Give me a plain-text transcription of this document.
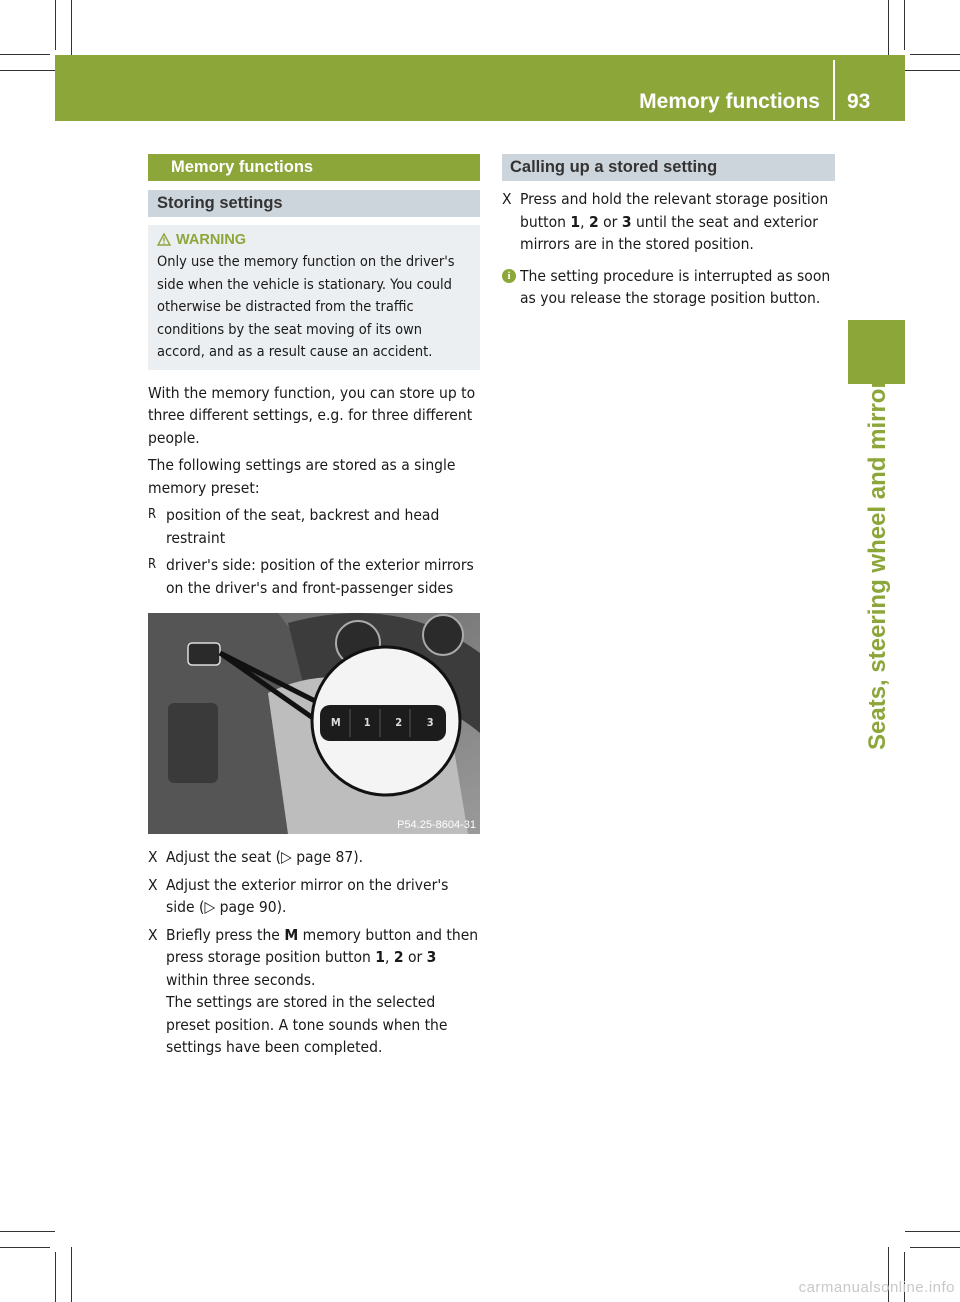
Memory functions 93
Seats, steering wheel and mirrors
Memory functions
Storing settings
WARNING

Only use the memory function on the driver's side when the vehicle is stationary. You could otherwise be distracted from the traffic conditions by the seat moving of its own accord, and as a result cause an accident.

With the memory function, you can store up to three different settings, e.g. for three different people.

The following settings are stored as a single memory preset:

R position of the seat, backrest and head restraint
R driver's side: position of the exterior mirrors on the driver's and front-passenger sides
M	1	2	3
P54.25-8604-31
X Adjust the seat (▷ page 87).
X Adjust the exterior mirror on the driver's side (▷ page 90).
X Briefly press the M memory button and then press storage position button 1, 2 or 3 within three seconds.

The settings are stored in the selected preset position. A tone sounds when the settings have been completed.

Calling up a stored setting
X Press and hold the relevant storage position button 1, 2 or 3 until the seat and exterior mirrors are in the stored position.
i The setting procedure is interrupted as soon as you release the storage position button.
carmanualsonline.info
